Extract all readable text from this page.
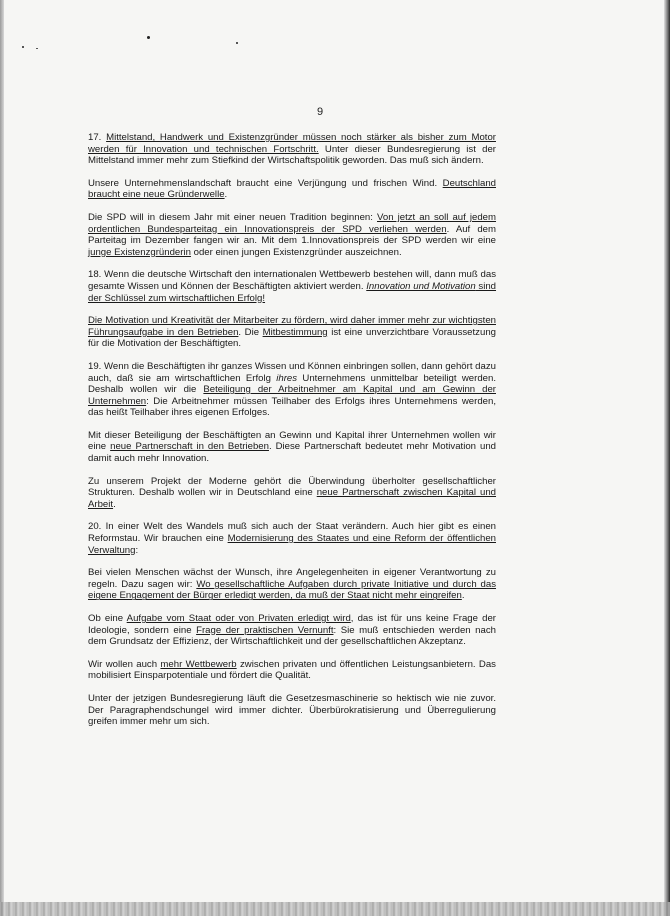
9

17. Mittelstand, Handwerk und Existenzgründer müssen noch stärker als bisher zum Motor werden für Innovation und technischen Fortschritt. Unter dieser Bundesregierung ist der Mittelstand immer mehr zum Stiefkind der Wirtschaftspolitik geworden. Das muß sich ändern.

Unsere Unternehmenslandschaft braucht eine Verjüngung und frischen Wind. Deutschland braucht eine neue Gründerwelle.

Die SPD will in diesem Jahr mit einer neuen Tradition beginnen: Von jetzt an soll auf jedem ordentlichen Bundesparteitag ein Innovationspreis der SPD verliehen werden. Auf dem Parteitag im Dezember fangen wir an. Mit dem 1.Innovationspreis der SPD werden wir eine junge Existenzgründerin oder einen jungen Existenzgründer auszeichnen.

18. Wenn die deutsche Wirtschaft den internationalen Wettbewerb bestehen will, dann muß das gesamte Wissen und Können der Beschäftigten aktiviert werden. Innovation und Motivation sind der Schlüssel zum wirtschaftlichen Erfolg!

Die Motivation und Kreativität der Mitarbeiter zu fördern, wird daher immer mehr zur wichtigsten Führungsaufgabe in den Betrieben. Die Mitbestimmung ist eine unverzichtbare Voraussetzung für die Motivation der Beschäftigten.

19. Wenn die Beschäftigten ihr ganzes Wissen und Können einbringen sollen, dann gehört dazu auch, daß sie am wirtschaftlichen Erfolg ihres Unternehmens unmittelbar beteiligt werden. Deshalb wollen wir die Beteiligung der Arbeitnehmer am Kapital und am Gewinn der Unternehmen: Die Arbeitnehmer müssen Teilhaber des Erfolgs ihres Unternehmens werden, das heißt Teilhaber ihres eigenen Erfolges.

Mit dieser Beteiligung der Beschäftigten an Gewinn und Kapital ihrer Unternehmen wollen wir eine neue Partnerschaft in den Betrieben. Diese Partnerschaft bedeutet mehr Motivation und damit auch mehr Innovation.

Zu unserem Projekt der Moderne gehört die Überwindung überholter gesellschaftlicher Strukturen. Deshalb wollen wir in Deutschland eine neue Partnerschaft zwischen Kapital und Arbeit.

20. In einer Welt des Wandels muß sich auch der Staat verändern. Auch hier gibt es einen Reformstau. Wir brauchen eine Modernisierung des Staates und eine Reform der öffentlichen Verwaltung:

Bei vielen Menschen wächst der Wunsch, ihre Angelegenheiten in eigener Verantwortung zu regeln. Dazu sagen wir: Wo gesellschaftliche Aufgaben durch private Initiative und durch das eigene Engagement der Bürger erledigt werden, da muß der Staat nicht mehr eingreifen.

Ob eine Aufgabe vom Staat oder von Privaten erledigt wird, das ist für uns keine Frage der Ideologie, sondern eine Frage der praktischen Vernunft: Sie muß entschieden werden nach dem Grundsatz der Effizienz, der Wirtschaftlichkeit und der gesellschaftlichen Akzeptanz.

Wir wollen auch mehr Wettbewerb zwischen privaten und öffentlichen Leistungsanbietern. Das mobilisiert Einsparpotentiale und fördert die Qualität.

Unter der jetzigen Bundesregierung läuft die Gesetzesmaschinerie so hektisch wie nie zuvor. Der Paragraphendschungel wird immer dichter. Überbürokratisierung und Überregulierung greifen immer mehr um sich.
